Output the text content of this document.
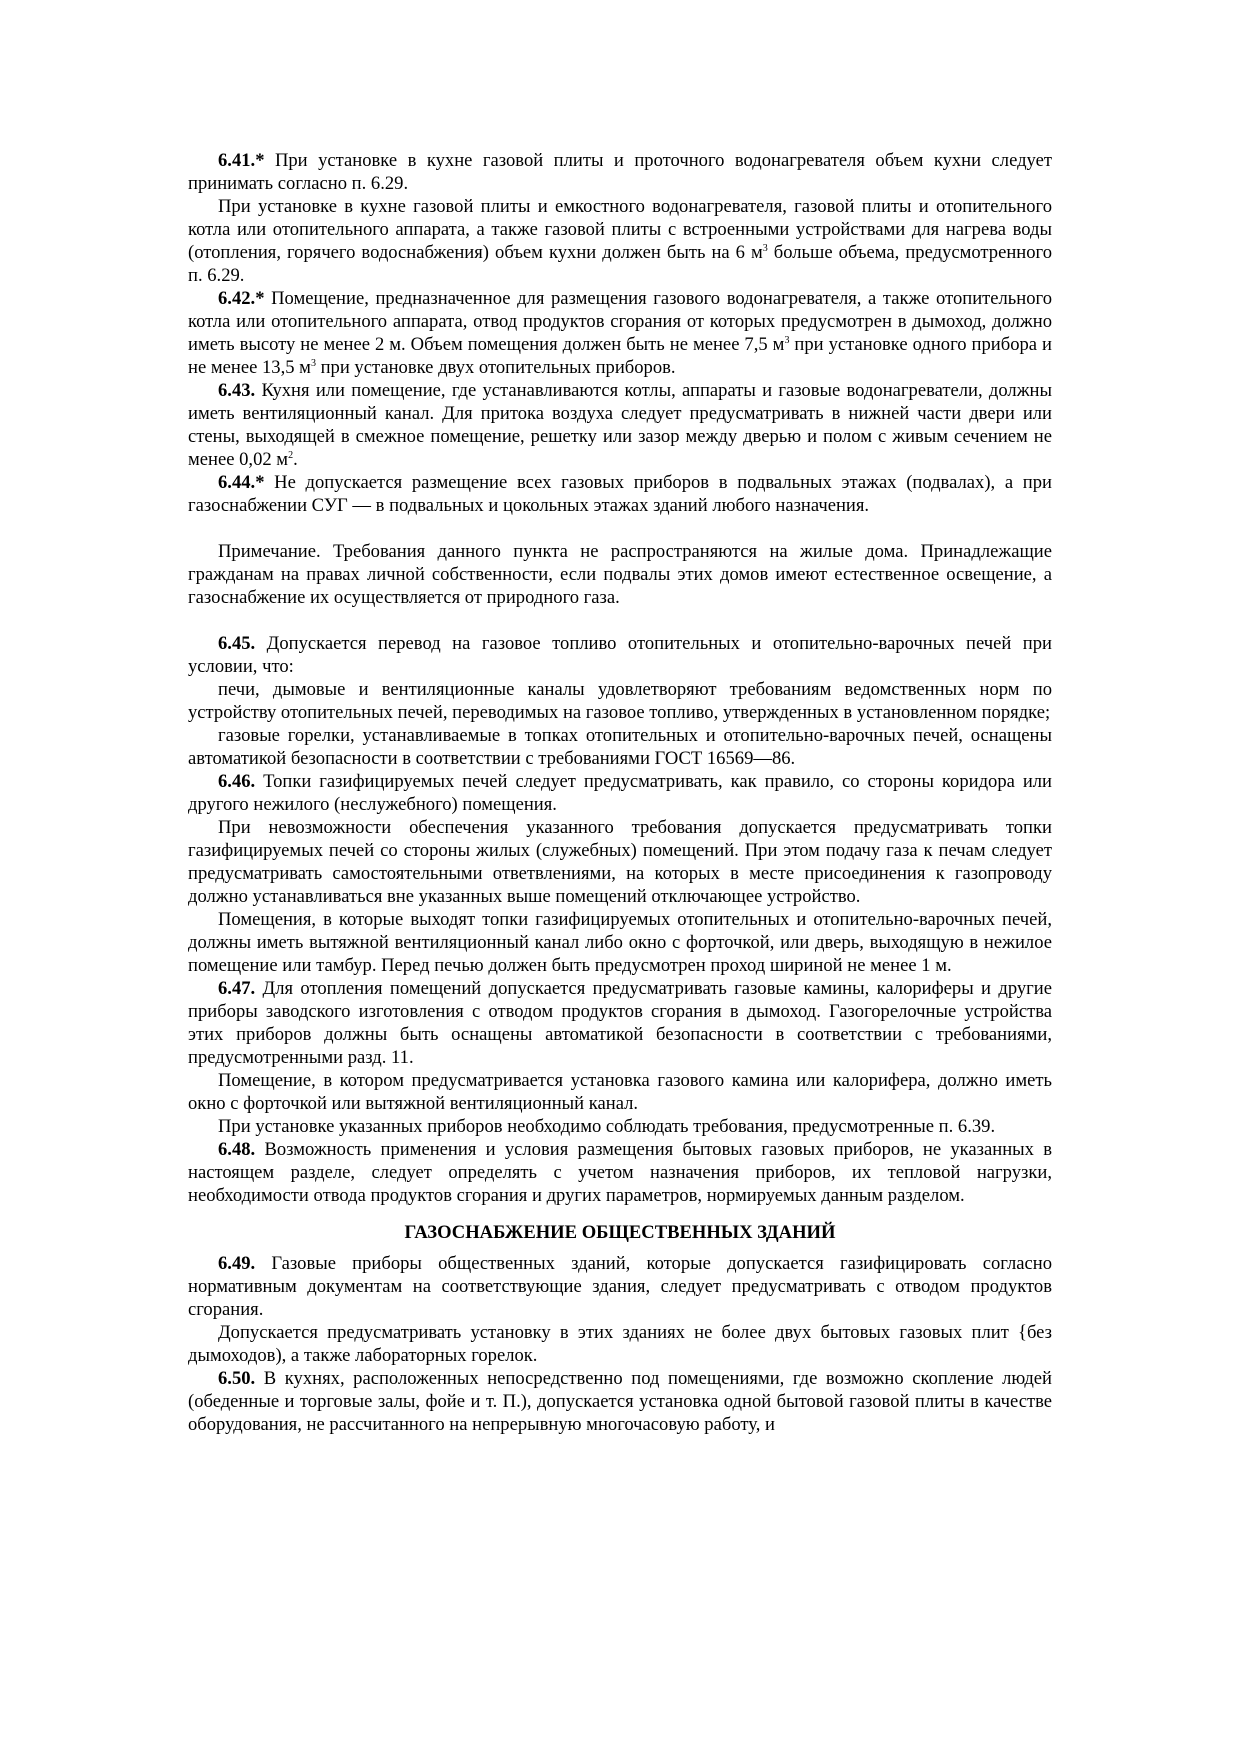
6.41.* При установке в кухне газовой плиты и проточного водонагревателя объем кухни следует принимать согласно п. 6.29.

При установке в кухне газовой плиты и емкостного водонагревателя, газовой плиты и отопительного котла или отопительного аппарата, а также газовой плиты с встроенными устройствами для нагрева воды (отопления, горячего водоснабжения) объем кухни должен быть на 6 $м^3$ больше объема, предусмотренного п. 6.29.

6.42.* Помещение, предназначенное для размещения газового водонагревателя, а также отопительного котла или отопительного аппарата, отвод продуктов сгорания от которых предусмотрен в дымоход, должно иметь высоту не менее 2 м. Объем помещения должен быть не менее 7,5 $м^3$ при установке одного прибора и не менее 13,5 $м^3$ при установке двух отопительных приборов.

6.43. Кухня или помещение, где устанавливаются котлы, аппараты и газовые водонагреватели, должны иметь вентиляционный канал. Для притока воздуха следует предусматривать в нижней части двери или стены, выходящей в смежное помещение, решетку или зазор между дверью и полом с живым сечением не менее 0,02 $м^2$.

6.44.* Не допускается размещение всех газовых приборов в подвальных этажах (подвалах), а при газоснабжении СУГ — в подвальных и цокольных этажах зданий любого назначения.

Примечание. Требования данного пункта не распространяются на жилые дома. Принадлежащие гражданам на правах личной собственности, если подвалы этих домов имеют естественное освещение, а газоснабжение их осуществляется от природного газа.

6.45. Допускается перевод на газовое топливо отопительных и отопительно-варочных печей при условии, что:

печи, дымовые и вентиляционные каналы удовлетворяют требованиям ведомственных норм по устройству отопительных печей, переводимых на газовое топливо, утвержденных в установленном порядке;

газовые горелки, устанавливаемые в топках отопительных и отопительно-варочных печей, оснащены автоматикой безопасности в соответствии с требованиями ГОСТ 16569—86.

6.46. Топки газифицируемых печей следует предусматривать, как правило, со стороны коридора или другого нежилого (неслужебного) помещения.

При невозможности обеспечения указанного требования допускается предусматривать топки газифицируемых печей со стороны жилых (служебных) помещений. При этом подачу газа к печам следует предусматривать самостоятельными ответвлениями, на которых в месте присоединения к газопроводу должно устанавливаться вне указанных выше помещений отключающее устройство.

Помещения, в которые выходят топки газифицируемых отопительных и отопительно-варочных печей, должны иметь вытяжной вентиляционный канал либо окно с форточкой, или дверь, выходящую в нежилое помещение или тамбур. Перед печью должен быть предусмотрен проход шириной не менее 1 м.

6.47. Для отопления помещений допускается предусматривать газовые камины, калориферы и другие приборы заводского изготовления с отводом продуктов сгорания в дымоход. Газогорелочные устройства этих приборов должны быть оснащены автоматикой безопасности в соответствии с требованиями, предусмотренными разд. 11.

Помещение, в котором предусматривается установка газового камина или калорифера, должно иметь окно с форточкой или вытяжной вентиляционный канал.

При установке указанных приборов необходимо соблюдать требования, предусмотренные п. 6.39.

6.48. Возможность применения и условия размещения бытовых газовых приборов, не указанных в настоящем разделе, следует определять с учетом назначения приборов, их тепловой нагрузки, необходимости отвода продуктов сгорания и других параметров, нормируемых данным разделом.

ГАЗОСНАБЖЕНИЕ ОБЩЕСТВЕННЫХ ЗДАНИЙ

6.49. Газовые приборы общественных зданий, которые допускается газифицировать согласно нормативным документам на соответствующие здания, следует предусматривать с отводом продуктов сгорания.

Допускается предусматривать установку в этих зданиях не более двух бытовых газовых плит {без дымоходов), а также лабораторных горелок.

6.50. В кухнях, расположенных непосредственно под помещениями, где возможно скопление людей (обеденные и торговые залы, фойе и т. П.), допускается установка одной бытовой газовой плиты в качестве оборудования, не рассчитанного на непрерывную многочасовую работу, и
